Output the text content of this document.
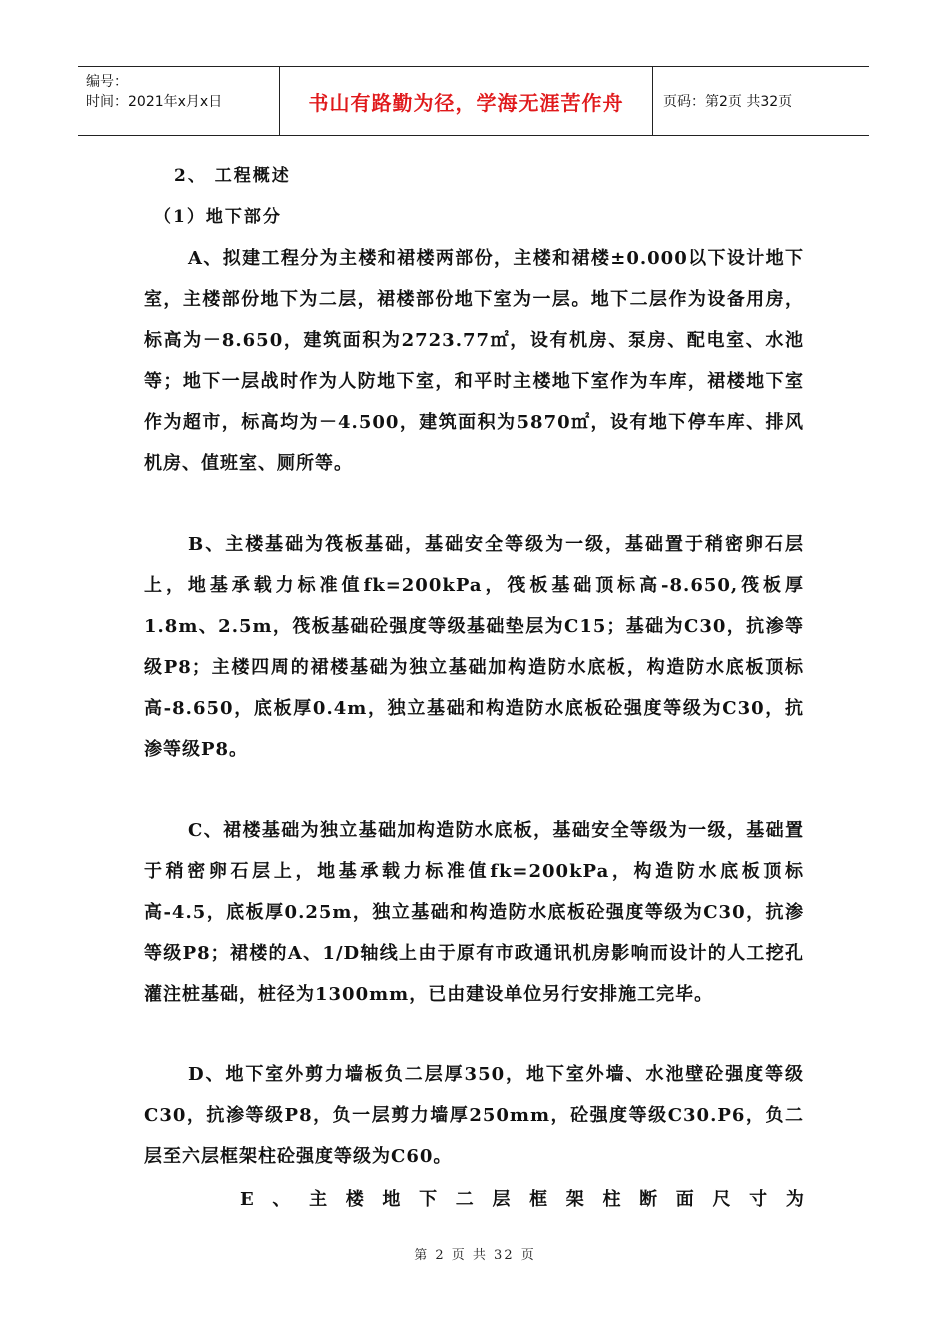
编号：
时间：2021年x月x日	书山有路勤为径，学海无涯苦作舟	页码：第2页 共32页
2、 工程概述
（1）地下部分
A、拟建工程分为主楼和裙楼两部份，主楼和裙楼±0.000以下设计地下室，主楼部份地下为二层，裙楼部份地下室为一层。地下二层作为设备用房，标高为－8.650，建筑面积为2723.77㎡，设有机房、泵房、配电室、水池等；地下一层战时作为人防地下室，和平时主楼地下室作为车库，裙楼地下室作为超市，标高均为－4.500，建筑面积为5870㎡，设有地下停车库、排风机房、值班室、厕所等。
B、主楼基础为筏板基础，基础安全等级为一级，基础置于稍密卵石层上，地基承载力标准值fk=200kPa，筏板基础顶标高-8.650,筏板厚1.8m、2.5m，筏板基础砼强度等级基础垫层为C15；基础为C30，抗渗等级P8；主楼四周的裙楼基础为独立基础加构造防水底板，构造防水底板顶标高-8.650，底板厚0.4m，独立基础和构造防水底板砼强度等级为C30，抗渗等级P8。
C、裙楼基础为独立基础加构造防水底板，基础安全等级为一级，基础置于稍密卵石层上，地基承载力标准值fk=200kPa，构造防水底板顶标高-4.5，底板厚0.25m，独立基础和构造防水底板砼强度等级为C30，抗渗等级P8；裙楼的A、1/D轴线上由于原有市政通讯机房影响而设计的人工挖孔灌注桩基础，桩径为1300mm，已由建设单位另行安排施工完毕。
D、地下室外剪力墙板负二层厚350，地下室外墙、水池壁砼强度等级C30，抗渗等级P8，负一层剪力墙厚250mm，砼强度等级C30.P6，负二层至六层框架柱砼强度等级为C60。
E 、 主 楼 地 下 二 层 框 架 柱 断 面 尺 寸 为
第 2 页 共 32 页
